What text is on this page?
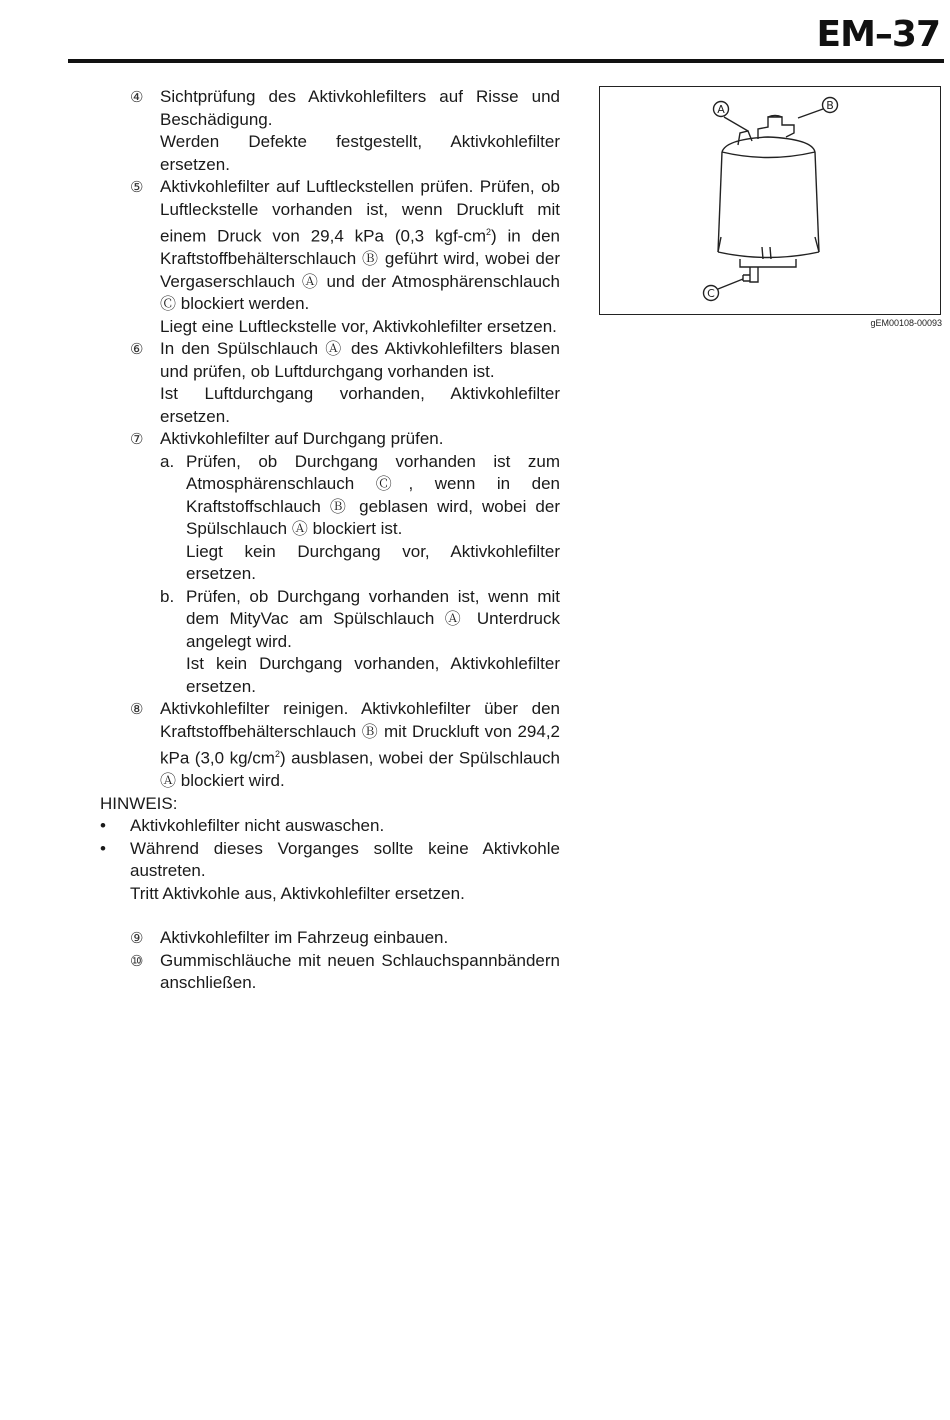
EM–37
④ Sichtprüfung des Aktivkohlefilters auf Risse und Beschädigung.

Werden Defekte festgestellt, Aktivkohlefilter ersetzen.

⑤ Aktivkohlefilter auf Luftleckstellen prüfen. Prüfen, ob Luftleckstelle vorhanden ist, wenn Druckluft mit einem Druck von 29,4 kPa (0,3 kgf-$cm^2$) in den Kraftstoffbehälterschlauch Ⓑ geführt wird, wobei der Vergaserschlauch Ⓐ und der Atmosphärenschlauch Ⓒ blockiert werden.

Liegt eine Luftleckstelle vor, Aktivkohlefilter ersetzen.

⑥ In den Spülschlauch Ⓐ des Aktivkohlefilters blasen und prüfen, ob Luftdurchgang vorhanden ist.

Ist Luftdurchgang vorhanden, Aktivkohlefilter ersetzen.

⑦ Aktivkohlefilter auf Durchgang prüfen.

a. Prüfen, ob Durchgang vorhanden ist zum Atmosphärenschlauch Ⓒ, wenn in den Kraftstoffschlauch Ⓑ geblasen wird, wobei der Spülschlauch Ⓐ blockiert ist.

Liegt kein Durchgang vor, Aktivkohlefilter ersetzen.

b. Prüfen, ob Durchgang vorhanden ist, wenn mit dem MityVac am Spülschlauch Ⓐ Unterdruck angelegt wird.

Ist kein Durchgang vorhanden, Aktivkohlefilter ersetzen.

⑧ Aktivkohlefilter reinigen. Aktivkohlefilter über den Kraftstoffbehälterschlauch Ⓑ mit Druckluft von 294,2 kPa (3,0 $kg/cm^2$) ausblasen, wobei der Spülschlauch Ⓐ blockiert wird.

HINWEIS:
•	Aktivkohlefilter nicht auswaschen.

•	Während dieses Vorganges sollte keine Aktivkohle austreten.

Tritt Aktivkohle aus, Aktivkohlefilter ersetzen.

⑨ Aktivkohlefilter im Fahrzeug einbauen.

⑩ Gummischläuche mit neuen Schlauchspannbändern anschließen.

A	B
C
gEM00108-00093
